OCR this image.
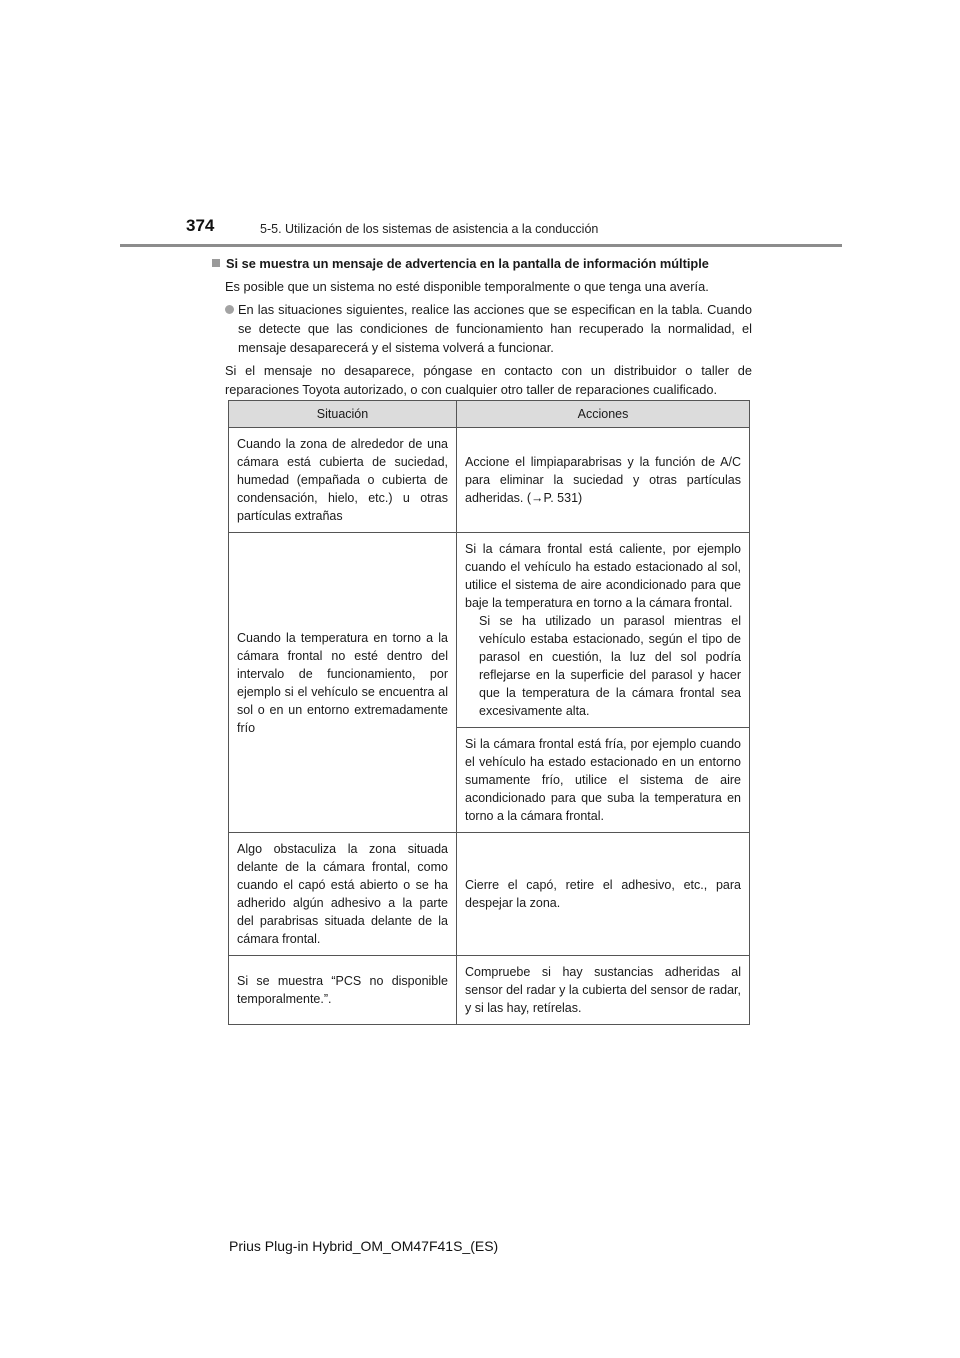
374	5-5. Utilización de los sistemas de asistencia a la conducción
Si se muestra un mensaje de advertencia en la pantalla de información múltiple

Es posible que un sistema no esté disponible temporalmente o que tenga una avería.

En las situaciones siguientes, realice las acciones que se especifican en la tabla. Cuando se detecte que las condiciones de funcionamiento han recuperado la normalidad, el mensaje desaparecerá y el sistema volverá a funcionar.

Si el mensaje no desaparece, póngase en contacto con un distribuidor o taller de reparaciones Toyota autorizado, o con cualquier otro taller de reparaciones cualificado.

Situación	Acciones
Cuando la zona de alrededor de una cámara está cubierta de suciedad, humedad (empañada o cubierta de condensación, hielo, etc.) u otras partículas extrañas	Accione el limpiaparabrisas y la función de A/C para eliminar la suciedad y otras partículas adheridas. (→P. 531)
Cuando la temperatura en torno a la cámara frontal no esté dentro del intervalo de funcionamiento, por ejemplo si el vehículo se encuentra al sol o en un entorno extremadamente frío	Si la cámara frontal está caliente, por ejemplo cuando el vehículo ha estado estacionado al sol, utilice el sistema de aire acondicionado para que baje la temperatura en torno a la cámara frontal.

Si se ha utilizado un parasol mientras el vehículo estaba estacionado, según el tipo de parasol en cuestión, la luz del sol podría reflejarse en la superficie del parasol y hacer que la temperatura de la cámara frontal sea excesivamente alta.

	Si la cámara frontal está fría, por ejemplo cuando el vehículo ha estado estacionado en un entorno sumamente frío, utilice el sistema de aire acondicionado para que suba la temperatura en torno a la cámara frontal.
Algo obstaculiza la zona situada delante de la cámara frontal, como cuando el capó está abierto o se ha adherido algún adhesivo a la parte del parabrisas situada delante de la cámara frontal.	Cierre el capó, retire el adhesivo, etc., para despejar la zona.
Si se muestra “PCS no disponible temporalmente.”.	Compruebe si hay sustancias adheridas al sensor del radar y la cubierta del sensor de radar, y si las hay, retírelas.
Prius Plug-in Hybrid_OM_OM47F41S_(ES)
